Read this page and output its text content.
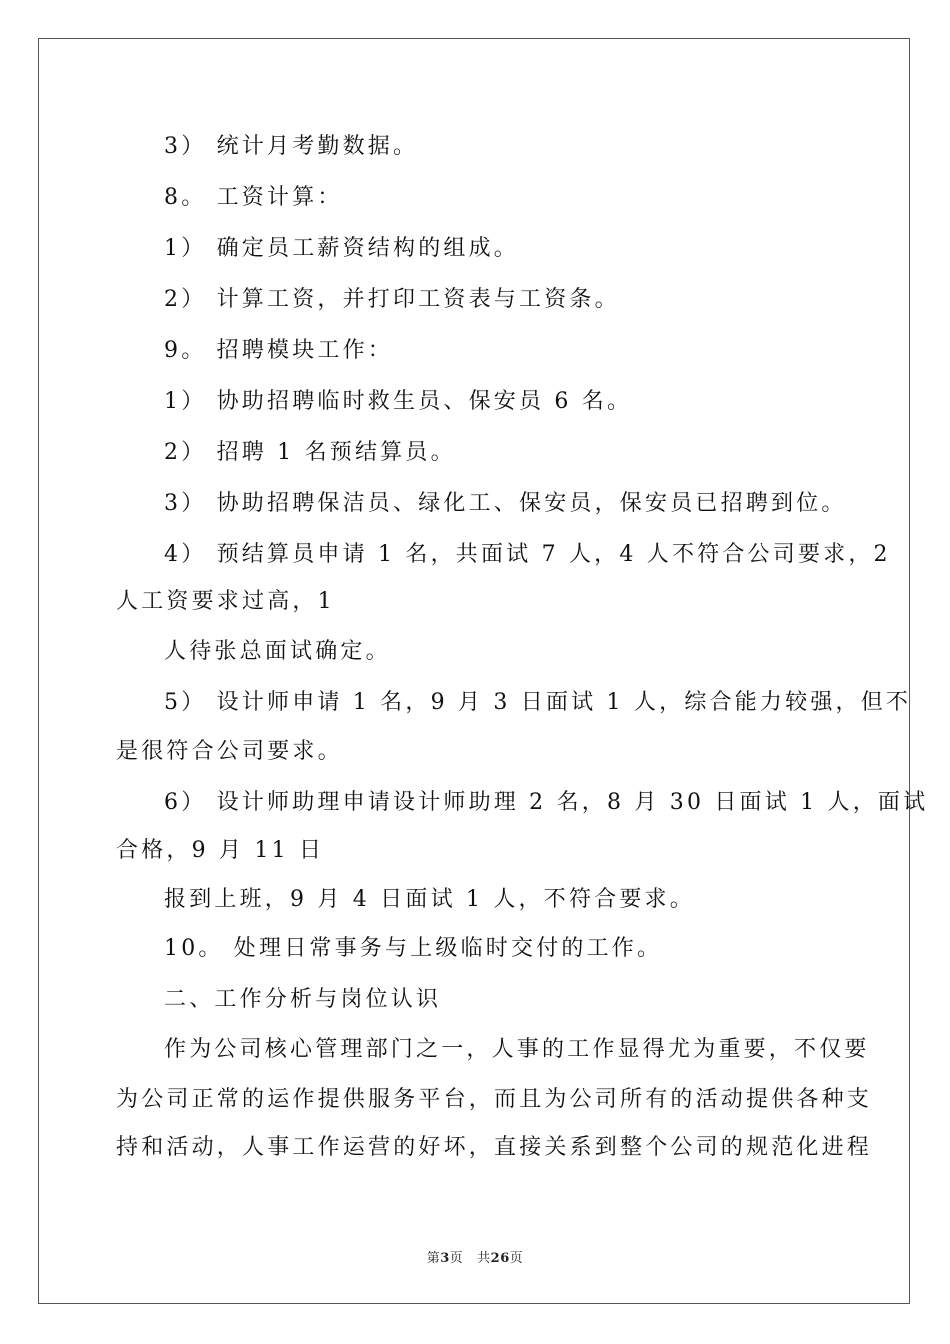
3） 统计月考勤数据。
8。 工资计算：
1） 确定员工薪资结构的组成。
2） 计算工资，并打印工资表与工资条。
9。 招聘模块工作：
1） 协助招聘临时救生员、保安员 6 名。
2） 招聘 1 名预结算员。
3） 协助招聘保洁员、绿化工、保安员，保安员已招聘到位。
4） 预结算员申请 1 名，共面试 7 人，4 人不符合公司要求，2
人工资要求过高，1
人待张总面试确定。
5） 设计师申请 1 名，9 月 3 日面试 1 人，综合能力较强，但不
是很符合公司要求。
6） 设计师助理申请设计师助理 2 名，8 月 30 日面试 1 人，面试
合格，9 月 11 日
报到上班，9 月 4 日面试 1 人，不符合要求。
10。 处理日常事务与上级临时交付的工作。
二、工作分析与岗位认识
作为公司核心管理部门之一，人事的工作显得尤为重要，不仅要
为公司正常的运作提供服务平台，而且为公司所有的活动提供各种支
持和活动，人事工作运营的好坏，直接关系到整个公司的规范化进程
第3页   共26页
